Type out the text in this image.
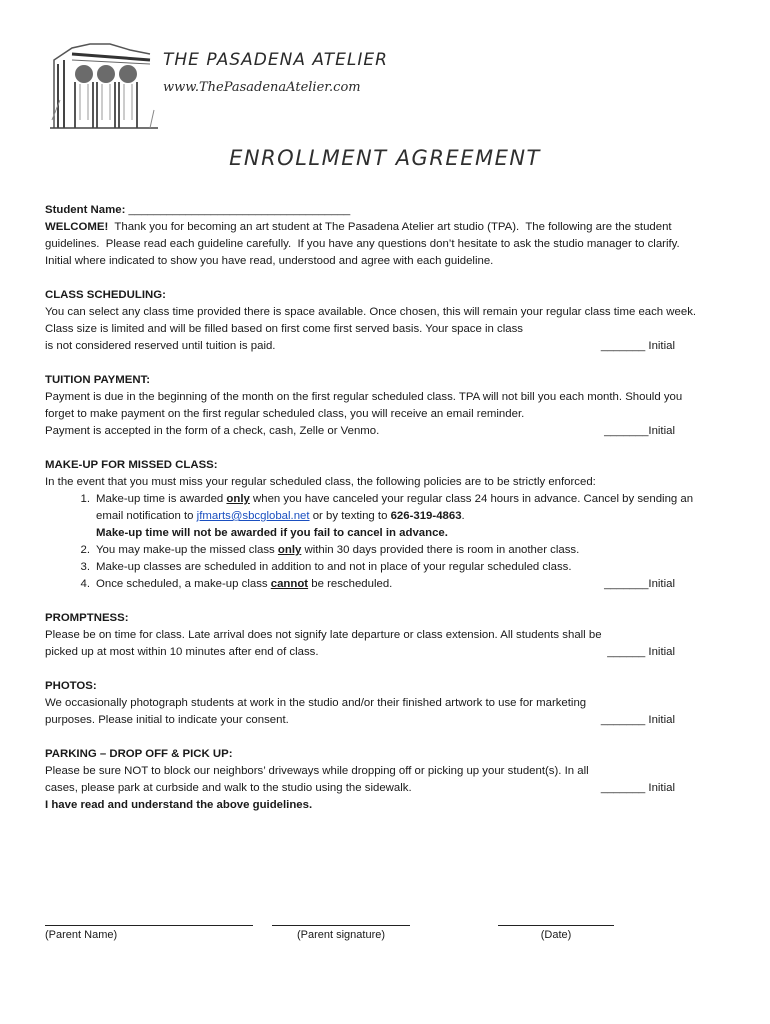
THE PASADENA ATELIER
www.ThePasadenaAtelier.com
ENROLLMENT AGREEMENT

Student Name: ___________________________________

WELCOME!  Thank you for becoming an art student at The Pasadena Atelier art studio (TPA).  The following are the student guidelines.  Please read each guideline carefully.  If you have any questions don’t hesitate to ask the studio manager to clarify.  Initial where indicated to show you have read, understood and agree with each guideline.

CLASS SCHEDULING:

You can select any class time provided there is space available. Once chosen, this will remain your regular class time each week. Class size is limited and will be filled based on first come first served basis. Your space in class

is not considered reserved until tuition is paid.	_______ Initial

TUITION PAYMENT:

Payment is due in the beginning of the month on the first regular scheduled class. TPA will not bill you each month. Should you forget to make payment on the first regular scheduled class, you will receive an email reminder.

Payment is accepted in the form of a check, cash, Zelle or Venmo.	_______Initial

MAKE-UP FOR MISSED CLASS:

In the event that you must miss your regular scheduled class, the following policies are to be strictly enforced:

1. Make-up time is awarded only when you have canceled your regular class 24 hours in advance. Cancel by sending an email notification to jfmarts@sbcglobal.net or by texting to 626-319-4863.
Make-up time will not be awarded if you fail to cancel in advance.
2. You may make-up the missed class only within 30 days provided there is room in another class.
3. Make-up classes are scheduled in addition to and not in place of your regular scheduled class.
4. Once scheduled, a make-up class cannot be rescheduled.	_______Initial

PROMPTNESS:

Please be on time for class. Late arrival does not signify late departure or class extension. All students shall be

picked up at most within 10 minutes after end of class.	______ Initial

PHOTOS:

We occasionally photograph students at work in the studio and/or their finished artwork to use for marketing

purposes. Please initial to indicate your consent.	_______ Initial

PARKING – DROP OFF & PICK UP:

Please be sure NOT to block our neighbors’ driveways while dropping off or picking up your student(s). In all

cases, please park at curbside and walk to the studio using the sidewalk.	_______ Initial

I have read and understand the above guidelines.

(Parent Name)	(Parent signature)	(Date)
